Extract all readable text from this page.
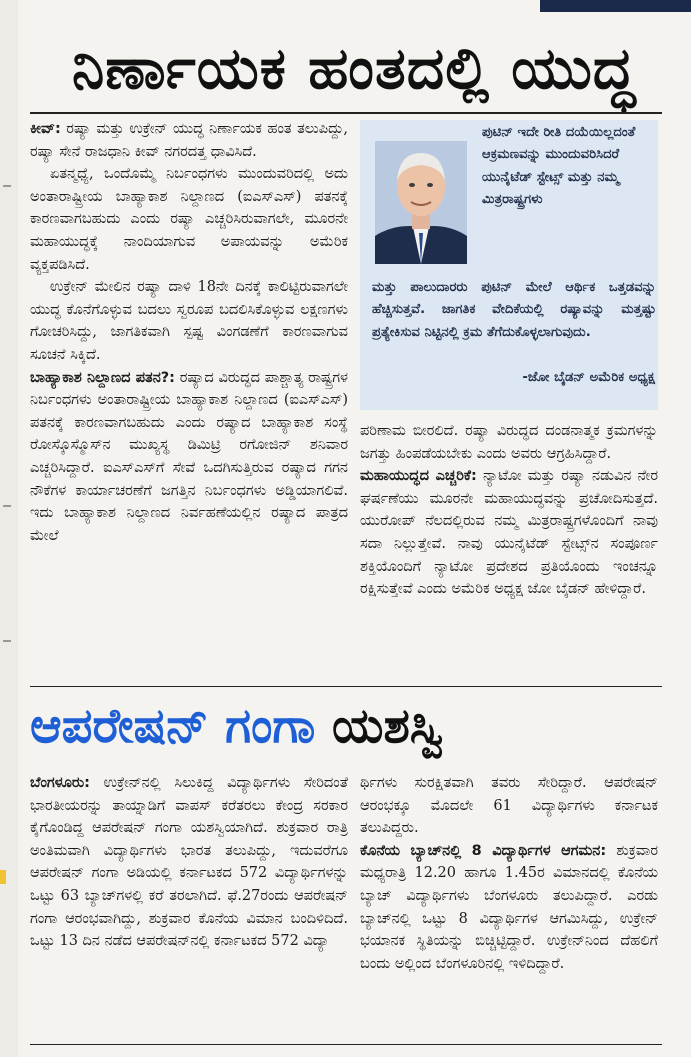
ನಿರ್ಣಾಯಕ ಹಂತದಲ್ಲಿ ಯುದ್ಧ

ಕೀವ್: ರಷ್ಯಾ ಮತ್ತು ಉಕ್ರೇನ್ ಯುದ್ಧ ನಿರ್ಣಾಯಕ ಹಂತ ತಲುಪಿದ್ದು, ರಷ್ಯಾ ಸೇನೆ ರಾಜಧಾನಿ ಕೀವ್ ನಗರದತ್ತ ಧಾವಿಸಿದೆ.

ಏತನ್ಮಧ್ಯೆ, ಒಂದೊಮ್ಮೆ ನಿರ್ಬಂಧಗಳು ಮುಂದುವರಿದಲ್ಲಿ ಅದು ಅಂತಾರಾಷ್ಟ್ರೀಯ ಬಾಹ್ಯಾಕಾಶ ನಿಲ್ದಾಣದ (ಐಎಸ್‌ಎಸ್) ಪತನಕ್ಕೆ ಕಾರಣವಾಗಬಹುದು ಎಂದು ರಷ್ಯಾ ಎಚ್ಚರಿಸಿರುವಾಗಲೇ, ಮೂರನೇ ಮಹಾಯುದ್ಧಕ್ಕೆ ನಾಂದಿಯಾಗುವ ಅಪಾಯವನ್ನು ಅಮೆರಿಕ ವ್ಯಕ್ತಪಡಿಸಿದೆ.

ಉಕ್ರೇನ್ ಮೇಲಿನ ರಷ್ಯಾ ದಾಳಿ 18ನೇ ದಿನಕ್ಕೆ ಕಾಲಿಟ್ಟಿರುವಾಗಲೇ ಯುದ್ಧ ಕೊನೆಗೊಳ್ಳುವ ಬದಲು ಸ್ವರೂಪ ಬದಲಿಸಿಕೊಳ್ಳುವ ಲಕ್ಷಣಗಳು ಗೋಚರಿಸಿದ್ದು, ಜಾಗತಿಕವಾಗಿ ಸ್ಪಷ್ಟ ವಿಂಗಡಣೆಗೆ ಕಾರಣವಾಗುವ ಸೂಚನೆ ಸಿಕ್ಕಿದೆ.

ಬಾಹ್ಯಾಕಾಶ ನಿಲ್ದಾಣದ ಪತನ?: ರಷ್ಯಾದ ವಿರುದ್ಧದ ಪಾಶ್ಚಾತ್ಯ ರಾಷ್ಟ್ರಗಳ ನಿರ್ಬಂಧಗಳು ಅಂತಾರಾಷ್ಟ್ರೀಯ ಬಾಹ್ಯಾಕಾಶ ನಿಲ್ದಾಣದ (ಐಎಸ್‌ಎಸ್) ಪತನಕ್ಕೆ ಕಾರಣವಾಗಬಹುದು ಎಂದು ರಷ್ಯಾದ ಬಾಹ್ಯಾಕಾಶ ಸಂಸ್ಥೆ ರೋಸ್ಕೊಸ್ಮೊಸ್‌ನ ಮುಖ್ಯಸ್ಥ ಡಿಮಿಟ್ರಿ ರಗೋಜಿನ್ ಶನಿವಾರ ಎಚ್ಚರಿಸಿದ್ದಾರೆ. ಐಎಸ್‌ಎಸ್‌ಗೆ ಸೇವೆ ಒದಗಿಸುತ್ತಿರುವ ರಷ್ಯಾದ ಗಗನ ನೌಕೆಗಳ ಕಾರ್ಯಾಚರಣೆಗೆ ಜಗತ್ತಿನ ನಿರ್ಬಂಧಗಳು ಅಡ್ಡಿಯಾಗಲಿವೆ. ಇದು ಬಾಹ್ಯಾಕಾಶ ನಿಲ್ದಾಣದ ನಿರ್ವಹಣೆಯಲ್ಲಿನ ರಷ್ಯಾದ ಪಾತ್ರದ ಮೇಲೆ

ಪುಟಿನ್ ಇದೇ ರೀತಿ ದಯೆಯಿಲ್ಲದಂತೆ ಆಕ್ರಮಣವನ್ನು ಮುಂದುವರಿಸಿದರೆ ಯುನೈಟೆಡ್ ಸ್ಟೇಟ್ಸ್ ಮತ್ತು ನಮ್ಮ ಮಿತ್ರರಾಷ್ಟ್ರಗಳು
ಮತ್ತು ಪಾಲುದಾರರು ಪುಟಿನ್ ಮೇಲೆ ಆರ್ಥಿಕ ಒತ್ತಡವನ್ನು ಹೆಚ್ಚಿಸುತ್ತವೆ. ಜಾಗತಿಕ ವೇದಿಕೆಯಲ್ಲಿ ರಷ್ಯಾವನ್ನು ಮತ್ತಷ್ಟು ಪ್ರತ್ಯೇಕಿಸುವ ನಿಟ್ಟಿನಲ್ಲಿ ಕ್ರಮ ತೆಗೆದುಕೊಳ್ಳಲಾಗುವುದು.
-ಜೋ ಬೈಡನ್ ಅಮೆರಿಕ ಅಧ್ಯಕ್ಷ

ಪರಿಣಾಮ ಬೀರಲಿದೆ. ರಷ್ಯಾ ವಿರುದ್ಧದ ದಂಡನಾತ್ಮಕ ಕ್ರಮಗಳನ್ನು ಜಗತ್ತು ಹಿಂಪಡೆಯಬೇಕು ಎಂದು ಅವರು ಆಗ್ರಹಿಸಿದ್ದಾರೆ.

ಮಹಾಯುದ್ಧದ ಎಚ್ಚರಿಕೆ: ನ್ಯಾಟೋ ಮತ್ತು ರಷ್ಯಾ ನಡುವಿನ ನೇರ ಘರ್ಷಣೆಯು ಮೂರನೇ ಮಹಾಯುದ್ಧವನ್ನು ಪ್ರಚೋದಿಸುತ್ತದೆ. ಯುರೋಪ್ ನೆಲದಲ್ಲಿರುವ ನಮ್ಮ ಮಿತ್ರರಾಷ್ಟ್ರಗಳೊಂದಿಗೆ ನಾವು ಸದಾ ನಿಲ್ಲುತ್ತೇವೆ. ನಾವು ಯುನೈಟೆಡ್ ಸ್ಟೇಟ್ಸ್‌ನ ಸಂಪೂರ್ಣ ಶಕ್ತಿಯೊಂದಿಗೆ ನ್ಯಾಟೋ ಪ್ರದೇಶದ ಪ್ರತಿಯೊಂದು ಇಂಚನ್ನೂ ರಕ್ಷಿಸುತ್ತೇವೆ ಎಂದು ಅಮೆರಿಕ ಅಧ್ಯಕ್ಷ ಜೋ ಬೈಡನ್ ಹೇಳಿದ್ದಾರೆ.

ಆಪರೇಷನ್ ಗಂಗಾ ಯಶಸ್ವಿ

ಬೆಂಗಳೂರು: ಉಕ್ರೇನ್‌ನಲ್ಲಿ ಸಿಲುಕಿದ್ದ ವಿದ್ಯಾರ್ಥಿಗಳು ಸೇರಿದಂತೆ ಭಾರತೀಯರನ್ನು ತಾಯ್ನಾಡಿಗೆ ವಾಪಸ್ ಕರೆತರಲು ಕೇಂದ್ರ ಸರಕಾರ ಕೈಗೊಂಡಿದ್ದ ಆಪರೇಷನ್ ಗಂಗಾ ಯಶಸ್ವಿಯಾಗಿದೆ. ಶುಕ್ರವಾರ ರಾತ್ರಿ ಅಂತಿಮವಾಗಿ ವಿದ್ಯಾರ್ಥಿಗಳು ಭಾರತ ತಲುಪಿದ್ದು, ಇದುವರೆಗೂ ಆಪರೇಷನ್ ಗಂಗಾ ಅಡಿಯಲ್ಲಿ ಕರ್ನಾಟಕದ 572 ವಿದ್ಯಾರ್ಥಿಗಳನ್ನು ಒಟ್ಟು 63 ಬ್ಯಾಚ್‌ಗಳಲ್ಲಿ ಕರೆ ತರಲಾಗಿದೆ. ಫೆ.27ರಂದು ಆಪರೇಷನ್ ಗಂಗಾ ಆರಂಭವಾಗಿದ್ದು, ಶುಕ್ರವಾರ ಕೊನೆಯ ವಿಮಾನ ಬಂದಿಳಿದಿದೆ. ಒಟ್ಟು 13 ದಿನ ನಡೆದ ಆಪರೇಷನ್‌ನಲ್ಲಿ ಕರ್ನಾಟಕದ 572 ವಿದ್ಯಾ

ರ್ಥಿಗಳು ಸುರಕ್ಷಿತವಾಗಿ ತವರು ಸೇರಿದ್ದಾರೆ. ಆಪರೇಷನ್ ಆರಂಭಕ್ಕೂ ಮೊದಲೇ 61 ವಿದ್ಯಾರ್ಥಿಗಳು ಕರ್ನಾಟಕ ತಲುಪಿದ್ದರು.

ಕೊನೆಯ ಬ್ಯಾಚ್‌ನಲ್ಲಿ 8 ವಿದ್ಯಾರ್ಥಿಗಳ ಆಗಮನ: ಶುಕ್ರವಾರ ಮಧ್ಯರಾತ್ರಿ 12.20 ಹಾಗೂ 1.45ರ ವಿಮಾನದಲ್ಲಿ ಕೊನೆಯ ಬ್ಯಾಚ್ ವಿದ್ಯಾರ್ಥಿಗಳು ಬೆಂಗಳೂರು ತಲುಪಿದ್ದಾರೆ. ಎರಡು ಬ್ಯಾಚ್‌ನಲ್ಲಿ ಒಟ್ಟು 8 ವಿದ್ಯಾರ್ಥಿಗಳ ಆಗಮಿಸಿದ್ದು, ಉಕ್ರೇನ್ ಭಯಾನಕ ಸ್ಥಿತಿಯನ್ನು ಬಿಚ್ಚಿಟ್ಟಿದ್ದಾರೆ. ಉಕ್ರೇನ್‌ನಿಂದ ದೆಹಲಿಗೆ ಬಂದು ಅಲ್ಲಿಂದ ಬೆಂಗಳೂರಿನಲ್ಲಿ ಇಳಿದಿದ್ದಾರೆ.
